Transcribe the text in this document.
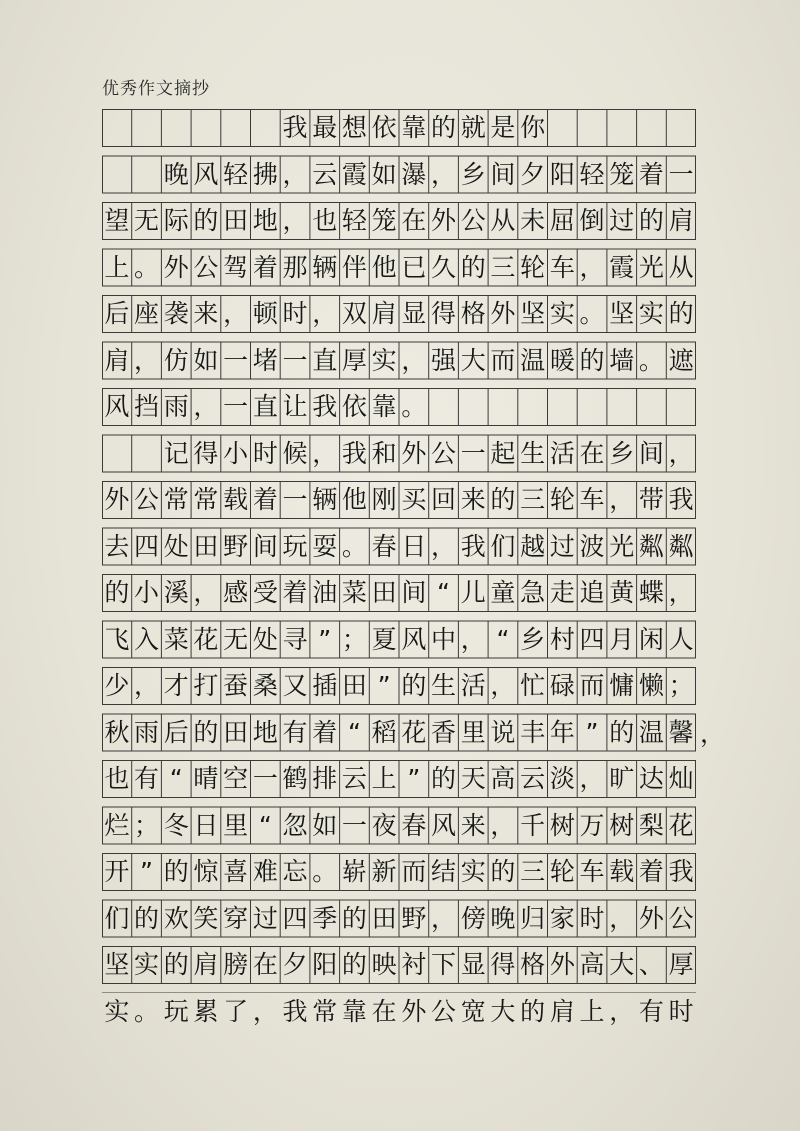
优秀作文摘抄
我 最 想 依 靠 的 就 是 你
晚 风 轻 拂 ， 云 霞 如 瀑 ， 乡 间 夕 阳 轻 笼 着 一
望 无 际 的 田 地 ， 也 轻 笼 在 外 公 从 未 屈 倒 过 的 肩
上 。 外 公 驾 着 那 辆 伴 他 已 久 的 三 轮 车 ， 霞 光 从
后 座 袭 来 ， 顿 时 ， 双 肩 显 得 格 外 坚 实 。 坚 实 的
肩 ， 仿 如 一 堵 一 直 厚 实 ， 强 大 而 温 暖 的 墙 。 遮
风 挡 雨 ， 一 直 让 我 依 靠 。
记 得 小 时 候 ， 我 和 外 公 一 起 生 活 在 乡 间 ，
外 公 常 常 载 着 一 辆 他 刚 买 回 来 的 三 轮 车 ， 带 我
去 四 处 田 野 间 玩 耍 。 春 日 ， 我 们 越 过 波 光 粼 粼
的 小 溪 ， 感 受 着 油 菜 田 间 “ 儿 童 急 走 追 黄 蝶 ，
飞 入 菜 花 无 处 寻 ” ； 夏 风 中 ， “ 乡 村 四 月 闲 人
少 ， 才 打 蚕 桑 又 插 田 ” 的 生 活 ， 忙 碌 而 慵 懒 ；
秋 雨 后 的 田 地 有 着 “ 稻 花 香 里 说 丰 年 ” 的 温 馨 ，
也 有 “ 晴 空 一 鹤 排 云 上 ” 的 天 高 云 淡 ， 旷 达 灿
烂 ； 冬 日 里 “ 忽 如 一 夜 春 风 来 ， 千 树 万 树 梨 花
开 ” 的 惊 喜 难 忘 。 崭 新 而 结 实 的 三 轮 车 载 着 我
们 的 欢 笑 穿 过 四 季 的 田 野 ， 傍 晚 归 家 时 ， 外 公
坚 实 的 肩 膀 在 夕 阳 的 映 衬 下 显 得 格 外 高 大 、 厚
实 。 玩 累 了 ， 我 常 靠 在 外 公 宽 大 的 肩 上 ， 有 时
